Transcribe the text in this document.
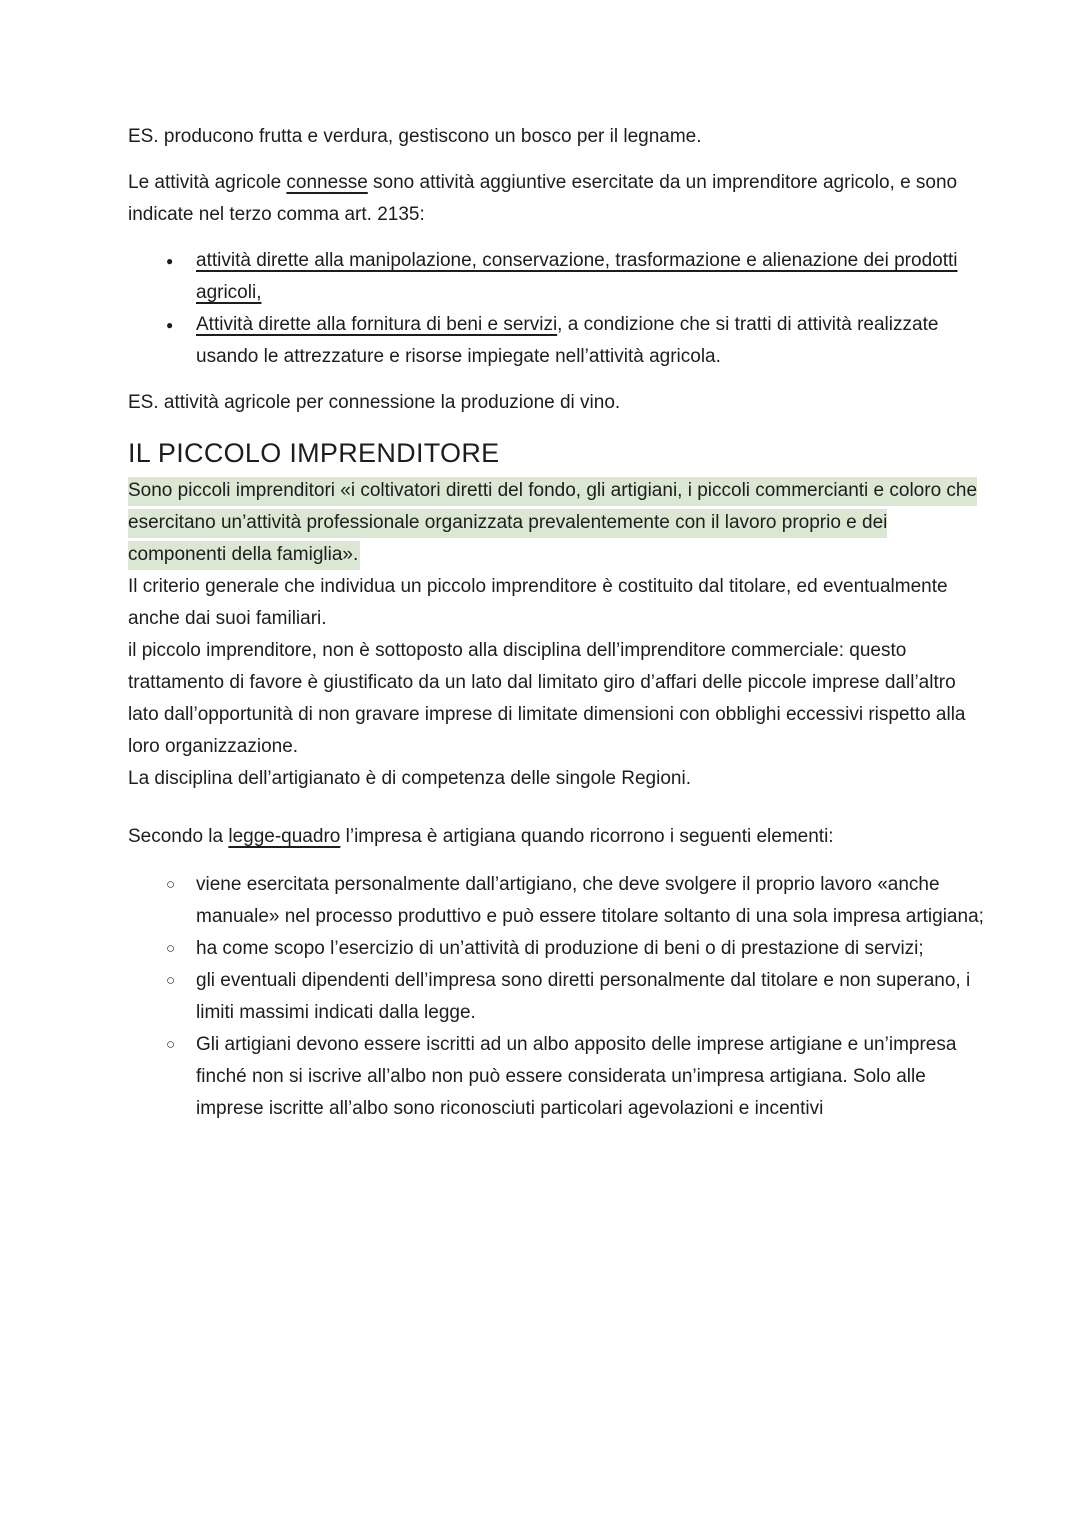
ES. producono frutta e verdura, gestiscono un bosco per il legname.

Le attività agricole connesse sono attività aggiuntive esercitate da un imprenditore agricolo, e sono indicate nel terzo comma art. 2135:

● attività dirette alla manipolazione, conservazione, trasformazione e alienazione dei prodotti agricoli,
● Attività dirette alla fornitura di beni e servizi, a condizione che si tratti di attività realizzate usando le attrezzature e risorse impiegate nell’attività agricola.

ES. attività agricole per connessione la produzione di vino.

IL PICCOLO IMPRENDITORE

Sono piccoli imprenditori «i coltivatori diretti del fondo, gli artigiani, i piccoli commercianti e coloro che esercitano un’attività professionale organizzata prevalentemente con il lavoro proprio e dei componenti della famiglia».

Il criterio generale che individua un piccolo imprenditore è costituito dal titolare, ed eventualmente anche dai suoi familiari.

il piccolo imprenditore, non è sottoposto alla disciplina dell’imprenditore commerciale: questo trattamento di favore è giustificato da un lato dal limitato giro d’affari delle piccole imprese dall’altro lato dall’opportunità di non gravare imprese di limitate dimensioni con obblighi eccessivi rispetto alla loro organizzazione.

La disciplina dell’artigianato è di competenza delle singole Regioni.

Secondo la legge-quadro l’impresa è artigiana quando ricorrono i seguenti elementi:

○ viene esercitata personalmente dall’artigiano, che deve svolgere il proprio lavoro «anche manuale» nel processo produttivo e può essere titolare soltanto di una sola impresa artigiana;
○ ha come scopo l’esercizio di un’attività di produzione di beni o di prestazione di servizi;
○ gli eventuali dipendenti dell’impresa sono diretti personalmente dal titolare e non superano, i limiti massimi indicati dalla legge.
○ Gli artigiani devono essere iscritti ad un albo apposito delle imprese artigiane e un’impresa finché non si iscrive all’albo non può essere considerata un’impresa artigiana. Solo alle imprese iscritte all’albo sono riconosciuti particolari agevolazioni e incentivi
